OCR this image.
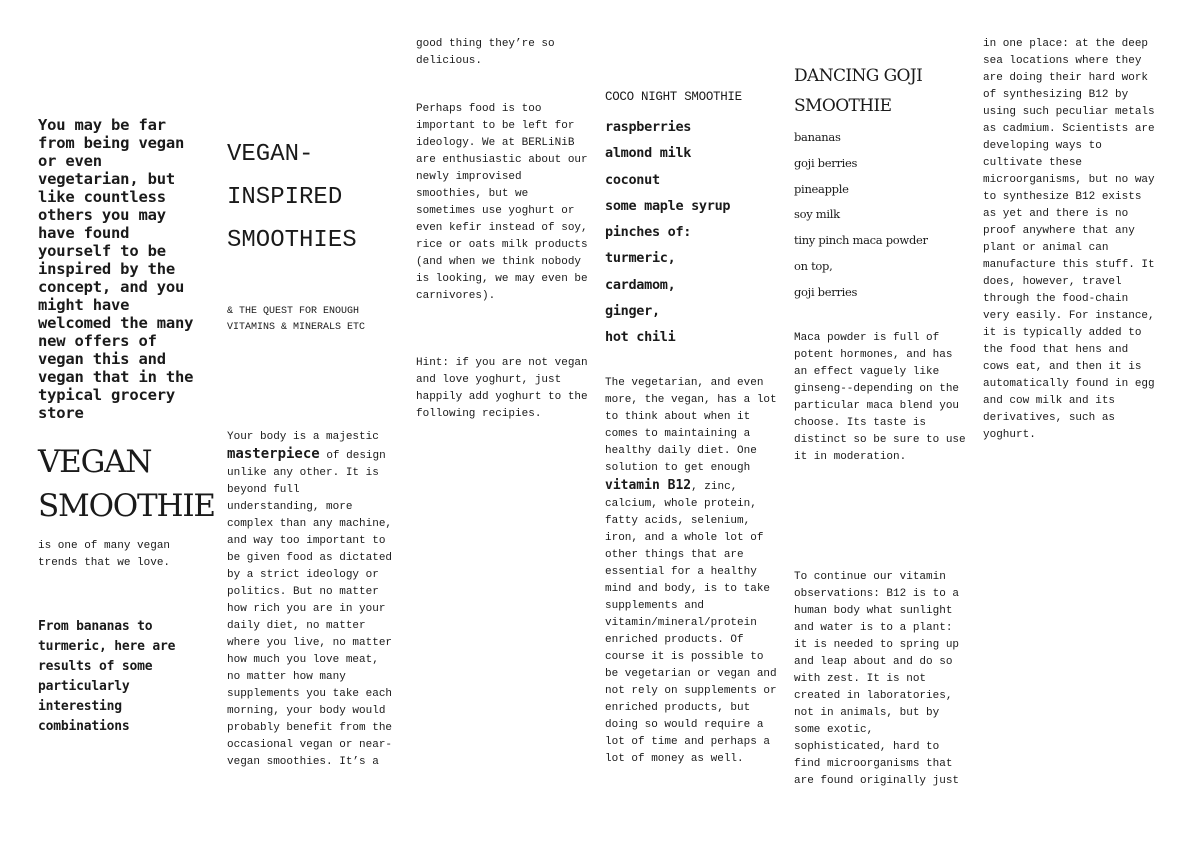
You may be far from being vegan or even vegetarian, but like countless others you may have found yourself to be inspired by the concept, and you might have welcomed the many new offers of vegan this and vegan that in the typical grocery store

VEGAN
SMOOTHIE

is one of many vegan trends that we love.

From bananas to turmeric, here are results of some particularly interesting combinations

VEGAN-
INSPIRED
SMOOTHIES

& THE QUEST FOR ENOUGH VITAMINS & MINERALS ETC

Your body is a majestic
masterpiece of design unlike any other. It is beyond full understanding, more complex than any machine, and way too important to be given food as dictated by a strict ideology or politics. But no matter how rich you are in your daily diet, no matter where you live, no matter how much you love meat, no matter how many supplements you take each morning, your body would probably benefit from the occasional vegan or near-vegan smoothies. It’s a

good thing they’re so delicious.

Perhaps food is too important to be left for ideology. We at BERLiNiB are enthusiastic about our newly improvised smoothies, but we sometimes use yoghurt or even kefir instead of soy, rice or oats milk products (and when we think nobody is looking, we may even be carnivores).

Hint: if you are not vegan and love yoghurt, just happily add yoghurt to the following recipies.

COCO NIGHT SMOOTHIE
raspberries
almond milk
coconut
some maple syrup
pinches of:
turmeric,
cardamom,
ginger,
hot chili

The vegetarian, and even more, the vegan, has a lot to think about when it comes to maintaining a healthy daily diet. One solution to get enough
vitamin B12, zinc, calcium, whole protein, fatty acids, selenium, iron, and a whole lot of other things that are essential for a healthy mind and body, is to take supplements and vitamin/mineral/protein enriched products. Of course it is possible to be vegetarian or vegan and not rely on supplements or enriched products, but doing so would require a lot of time and perhaps a lot of money as well.

DANCING GOJI
SMOOTHIE
bananas
goji berries
pineapple
soy milk
tiny pinch maca powder
on top,
goji berries

Maca powder is full of potent hormones, and has an effect vaguely like ginseng--depending on the particular maca blend you choose. Its taste is distinct so be sure to use it in moderation.

To continue our vitamin observations: B12 is to a human body what sunlight and water is to a plant: it is needed to spring up and leap about and do so with zest. It is not created in laboratories, not in animals, but by some exotic, sophisticated, hard to find microorganisms that are found originally just

in one place: at the deep sea locations where they are doing their hard work of synthesizing B12 by using such peculiar metals as cadmium. Scientists are developing ways to cultivate these microorganisms, but no way to synthesize B12 exists as yet and there is no proof anywhere that any plant or animal can manufacture this stuff. It does, however, travel through the food-chain very easily. For instance, it is typically added to the food that hens and cows eat, and then it is automatically found in egg and cow milk and its derivatives, such as yoghurt.
